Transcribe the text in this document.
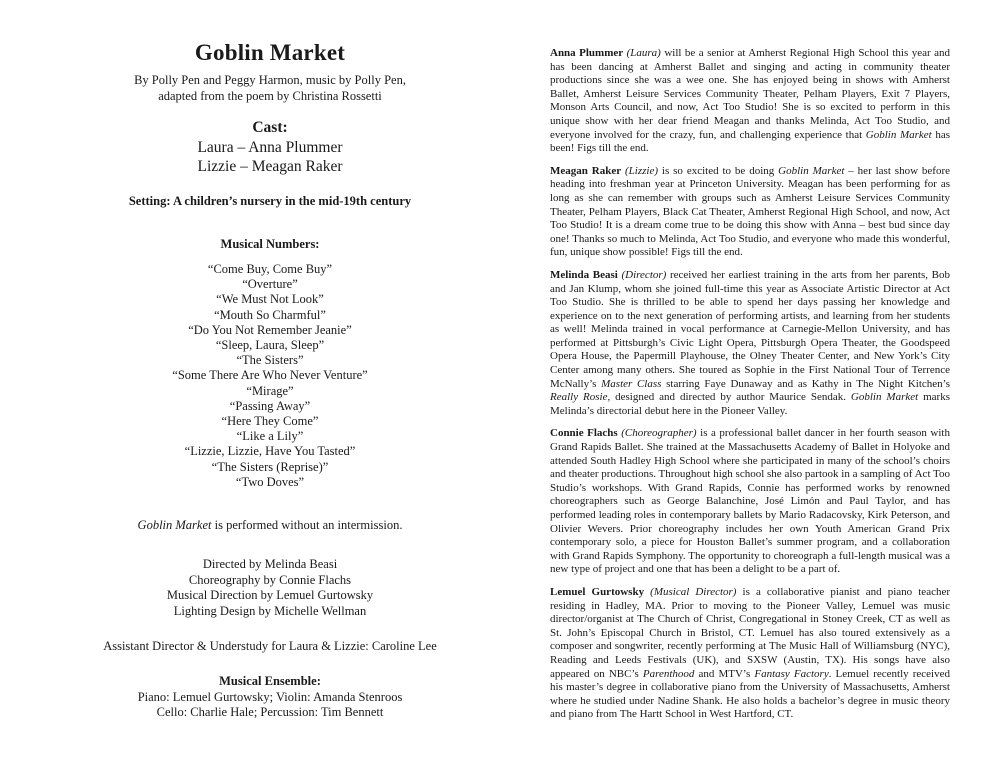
Goblin Market
By Polly Pen and Peggy Harmon, music by Polly Pen,
adapted from the poem by Christina Rossetti
Cast:
Laura – Anna Plummer
Lizzie – Meagan Raker
Setting: A children’s nursery in the mid-19th century
Musical Numbers:
“Come Buy, Come Buy”
“Overture”
“We Must Not Look”
“Mouth So Charmful”
“Do You Not Remember Jeanie”
“Sleep, Laura, Sleep”
“The Sisters”
“Some There Are Who Never Venture”
“Mirage”
“Passing Away”
“Here They Come”
“Like a Lily”
“Lizzie, Lizzie, Have You Tasted”
“The Sisters (Reprise)”
“Two Doves”
Goblin Market is performed without an intermission.
Directed by Melinda Beasi
Choreography by Connie Flachs
Musical Direction by Lemuel Gurtowsky
Lighting Design by Michelle Wellman
Assistant Director & Understudy for Laura & Lizzie: Caroline Lee
Musical Ensemble:
Piano: Lemuel Gurtowsky; Violin: Amanda Stenroos
Cello: Charlie Hale; Percussion: Tim Bennett

Anna Plummer (Laura) will be a senior at Amherst Regional High School this year and has been dancing at Amherst Ballet and singing and acting in community theater productions since she was a wee one. She has enjoyed being in shows with Amherst Ballet, Amherst Leisure Services Community Theater, Pelham Players, Exit 7 Players, Monson Arts Council, and now, Act Too Studio! She is so excited to perform in this unique show with her dear friend Meagan and thanks Melinda, Act Too Studio, and everyone involved for the crazy, fun, and challenging experience that Goblin Market has been! Figs till the end.

Meagan Raker (Lizzie) is so excited to be doing Goblin Market – her last show before heading into freshman year at Princeton University. Meagan has been performing for as long as she can remember with groups such as Amherst Leisure Services Community Theater, Pelham Players, Black Cat Theater, Amherst Regional High School, and now, Act Too Studio! It is a dream come true to be doing this show with Anna – best bud since day one! Thanks so much to Melinda, Act Too Studio, and everyone who made this wonderful, fun, unique show possible! Figs till the end.

Melinda Beasi (Director) received her earliest training in the arts from her parents, Bob and Jan Klump, whom she joined full-time this year as Associate Artistic Director at Act Too Studio. She is thrilled to be able to spend her days passing her knowledge and experience on to the next generation of performing artists, and learning from her students as well! Melinda trained in vocal performance at Carnegie-Mellon University, and has performed at Pittsburgh’s Civic Light Opera, Pittsburgh Opera Theater, the Goodspeed Opera House, the Papermill Playhouse, the Olney Theater Center, and New York’s City Center among many others. She toured as Sophie in the First National Tour of Terrence McNally’s Master Class starring Faye Dunaway and as Kathy in The Night Kitchen’s Really Rosie, designed and directed by author Maurice Sendak. Goblin Market marks Melinda’s directorial debut here in the Pioneer Valley.

Connie Flachs (Choreographer) is a professional ballet dancer in her fourth season with Grand Rapids Ballet. She trained at the Massachusetts Academy of Ballet in Holyoke and attended South Hadley High School where she participated in many of the school’s choirs and theater productions. Throughout high school she also partook in a sampling of Act Too Studio’s workshops. With Grand Rapids, Connie has performed works by renowned choreographers such as George Balanchine, José Limón and Paul Taylor, and has performed leading roles in contemporary ballets by Mario Radacovsky, Kirk Peterson, and Olivier Wevers. Prior choreography includes her own Youth American Grand Prix contemporary solo, a piece for Houston Ballet’s summer program, and a collaboration with Grand Rapids Symphony. The opportunity to choreograph a full-length musical was a new type of project and one that has been a delight to be a part of.

Lemuel Gurtowsky (Musical Director) is a collaborative pianist and piano teacher residing in Hadley, MA. Prior to moving to the Pioneer Valley, Lemuel was music director/organist at The Church of Christ, Congregational in Stoney Creek, CT as well as St. John’s Episcopal Church in Bristol, CT. Lemuel has also toured extensively as a composer and songwriter, recently performing at The Music Hall of Williamsburg (NYC), Reading and Leeds Festivals (UK), and SXSW (Austin, TX). His songs have also appeared on NBC’s Parenthood and MTV’s Fantasy Factory. Lemuel recently received his master’s degree in collaborative piano from the University of Massachusetts, Amherst where he studied under Nadine Shank. He also holds a bachelor’s degree in music theory and piano from The Hartt School in West Hartford, CT.
